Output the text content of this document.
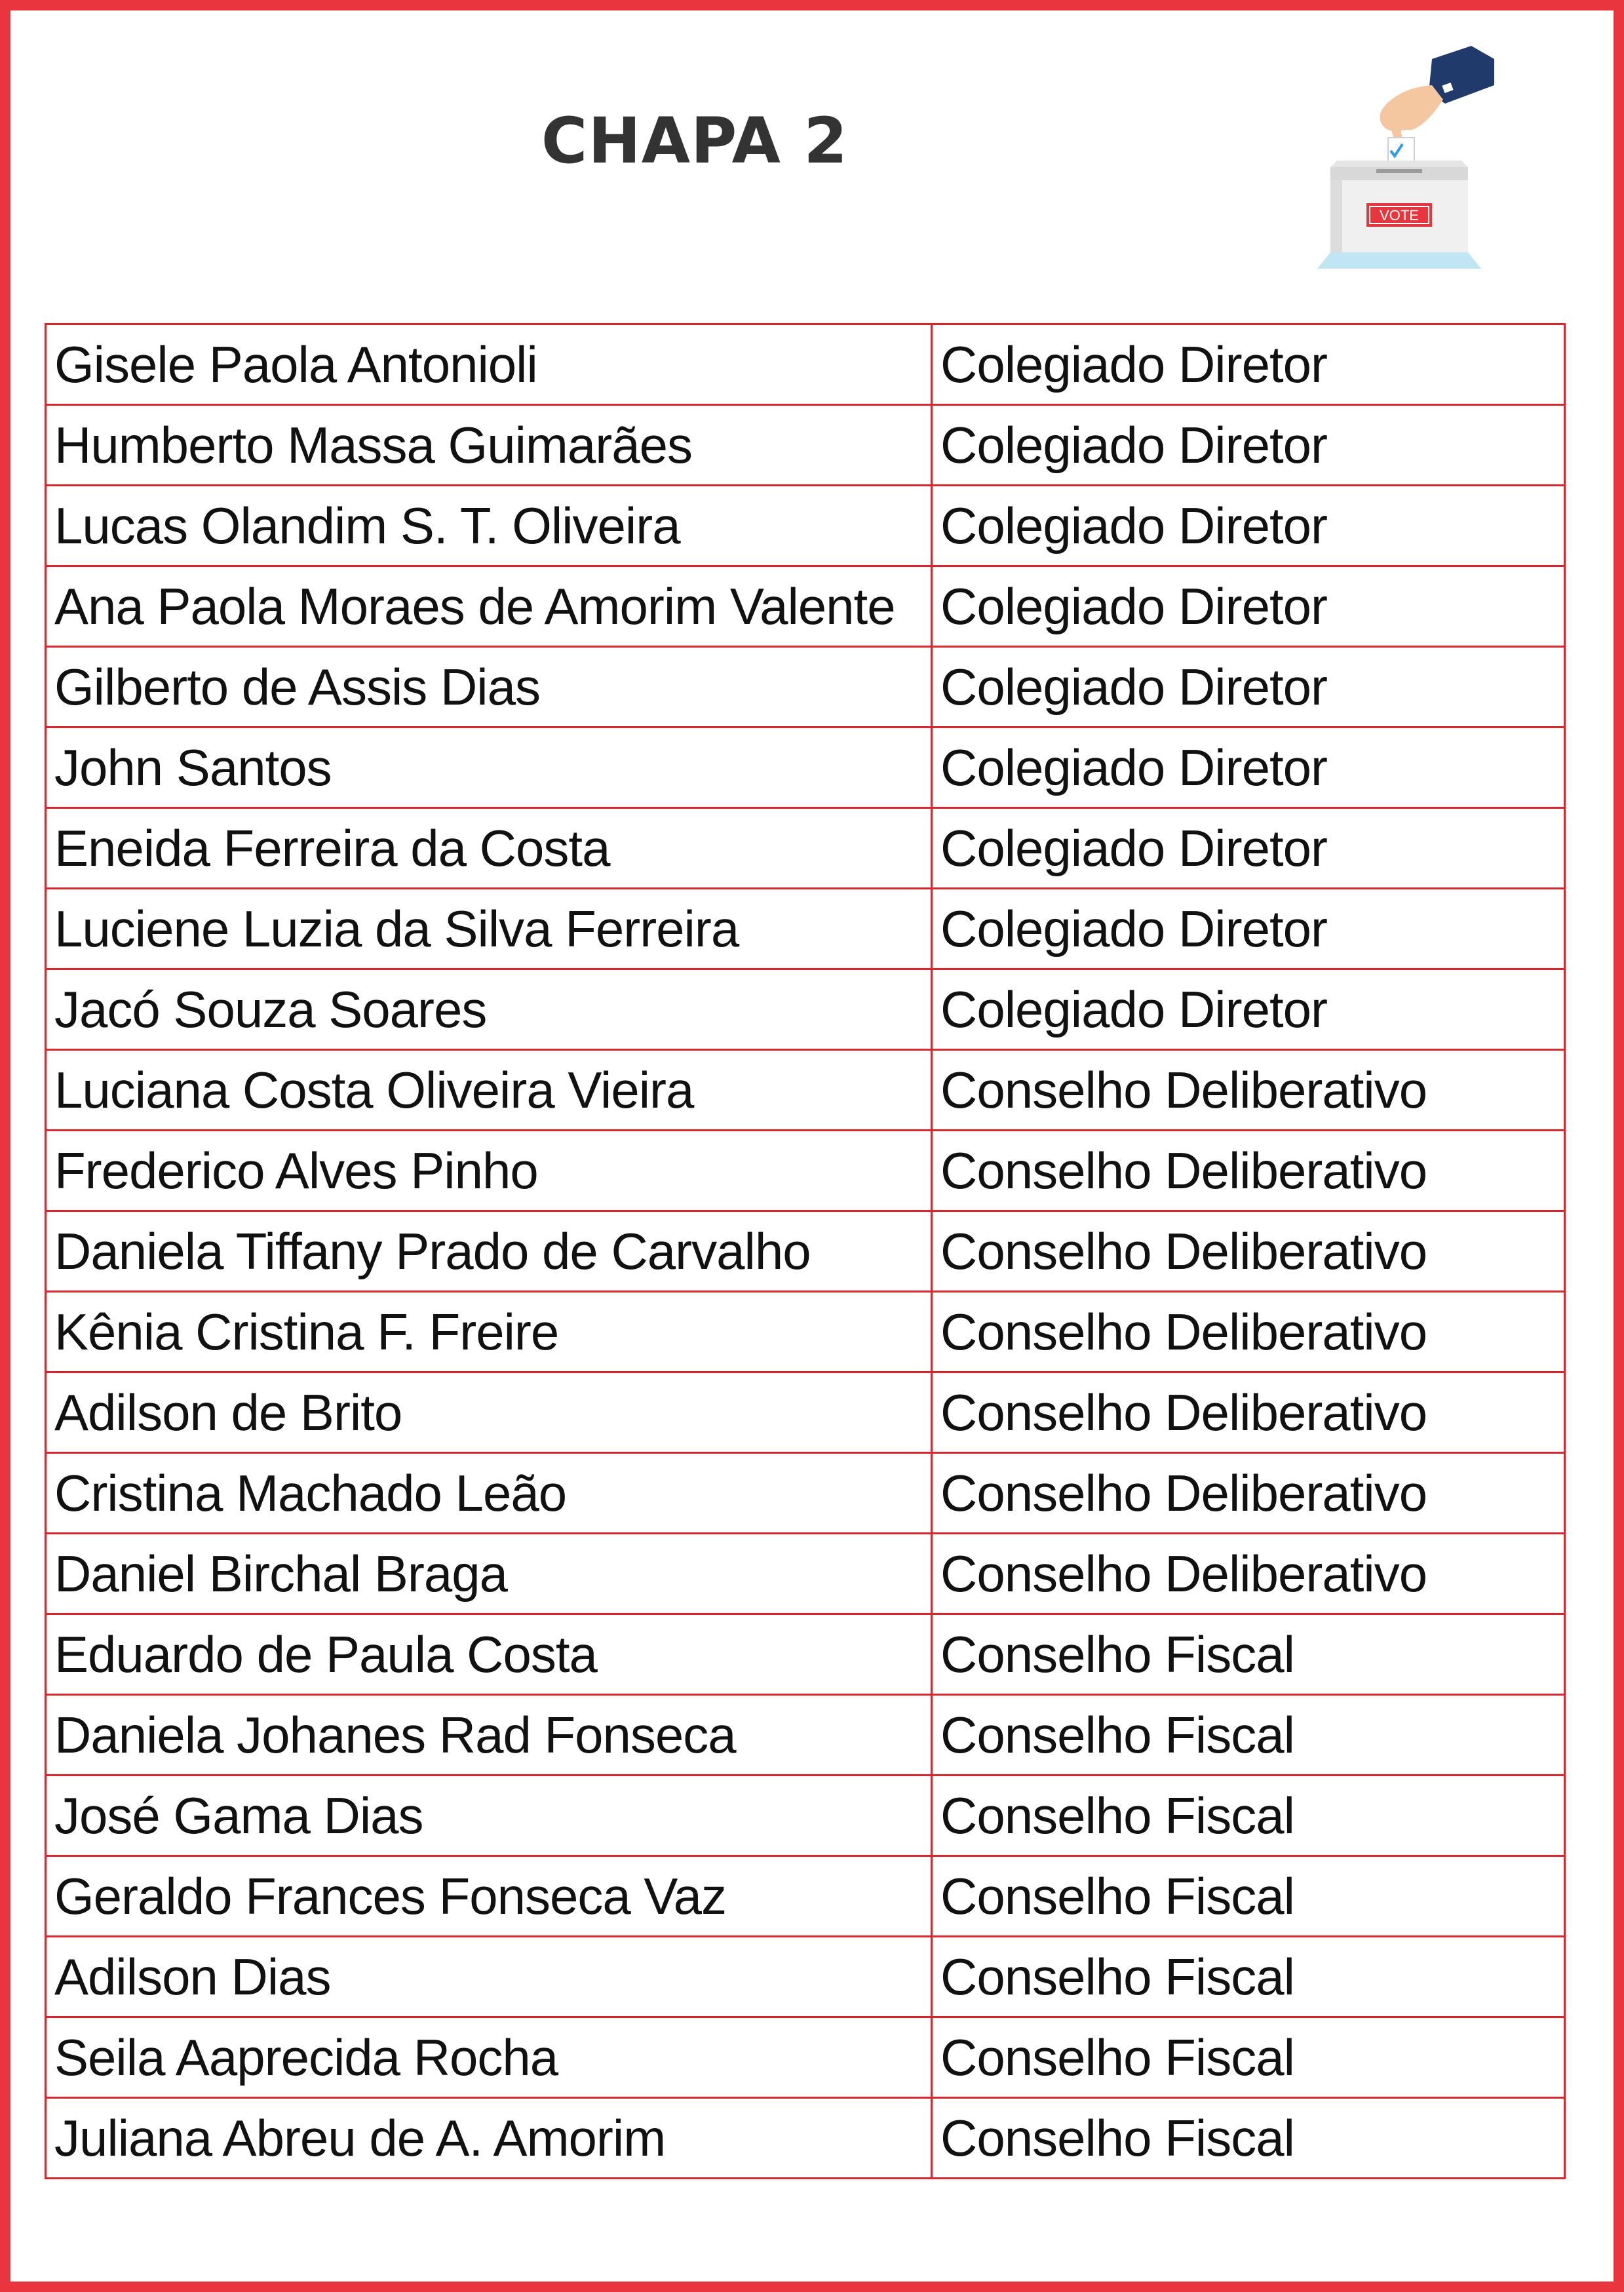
CHAPA 2
VOTE
Gisele Paola Antonioli	Colegiado Diretor
Humberto Massa Guimarães	Colegiado Diretor
Lucas Olandim S. T. Oliveira	Colegiado Diretor
Ana Paola Moraes de Amorim Valente	Colegiado Diretor
Gilberto de Assis Dias	Colegiado Diretor
John Santos	Colegiado Diretor
Eneida Ferreira da Costa	Colegiado Diretor
Luciene Luzia da Silva Ferreira	Colegiado Diretor
Jacó Souza Soares	Colegiado Diretor
Luciana Costa Oliveira Vieira	Conselho Deliberativo
Frederico Alves Pinho	Conselho Deliberativo
Daniela Tiffany Prado de Carvalho	Conselho Deliberativo
Kênia Cristina F. Freire	Conselho Deliberativo
Adilson de Brito	Conselho Deliberativo
Cristina Machado Leão	Conselho Deliberativo
Daniel Birchal Braga	Conselho Deliberativo
Eduardo de Paula Costa	Conselho Fiscal
Daniela Johanes Rad Fonseca	Conselho Fiscal
José Gama Dias	Conselho Fiscal
Geraldo Frances Fonseca Vaz	Conselho Fiscal
Adilson Dias	Conselho Fiscal
Seila Aaprecida Rocha	Conselho Fiscal
Juliana Abreu de A. Amorim	Conselho Fiscal
